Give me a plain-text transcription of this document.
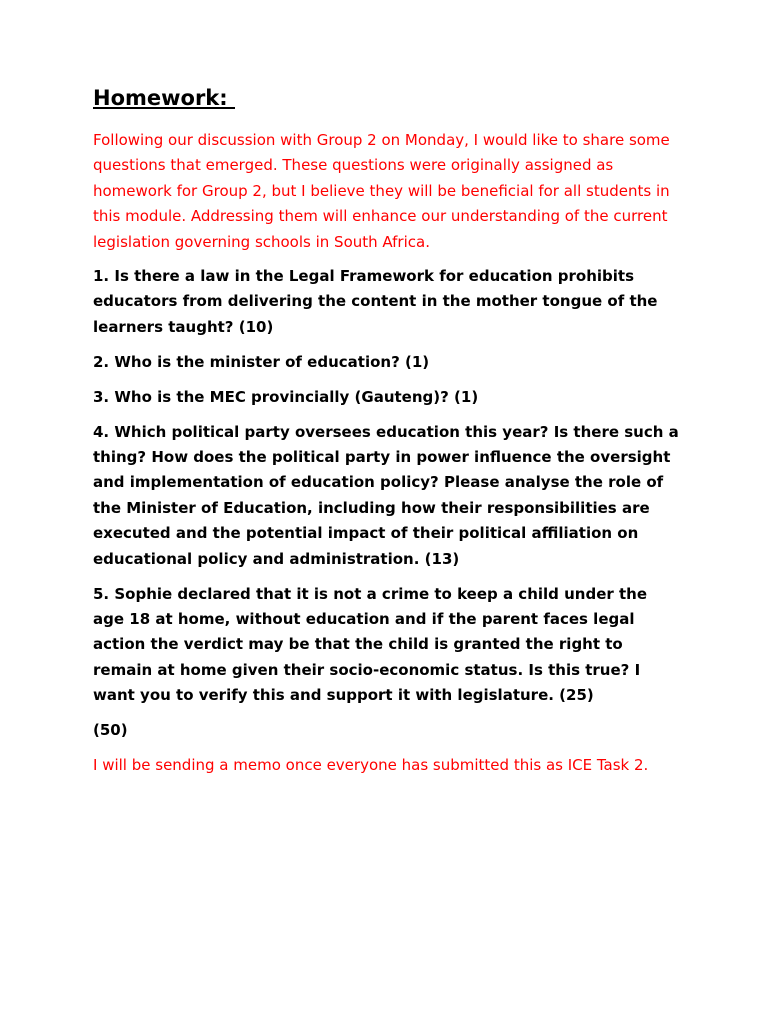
Homework:

Following our discussion with Group 2 on Monday, I would like to share some questions that emerged. These questions were originally assigned as homework for Group 2, but I believe they will be beneficial for all students in this module. Addressing them will enhance our understanding of the current legislation governing schools in South Africa.

1. Is there a law in the Legal Framework for education prohibits educators from delivering the content in the mother tongue of the learners taught? (10)

2. Who is the minister of education? (1)

3. Who is the MEC provincially (Gauteng)? (1)

4. Which political party oversees education this year? Is there such a thing? How does the political party in power influence the oversight and implementation of education policy? Please analyse the role of the Minister of Education, including how their responsibilities are executed and the potential impact of their political affiliation on educational policy and administration. (13)

5. Sophie declared that it is not a crime to keep a child under the age 18 at home, without education and if the parent faces legal action the verdict may be that the child is granted the right to remain at home given their socio-economic status. Is this true? I want you to verify this and support it with legislature. (25)

(50)

I will be sending a memo once everyone has submitted this as ICE Task 2.
